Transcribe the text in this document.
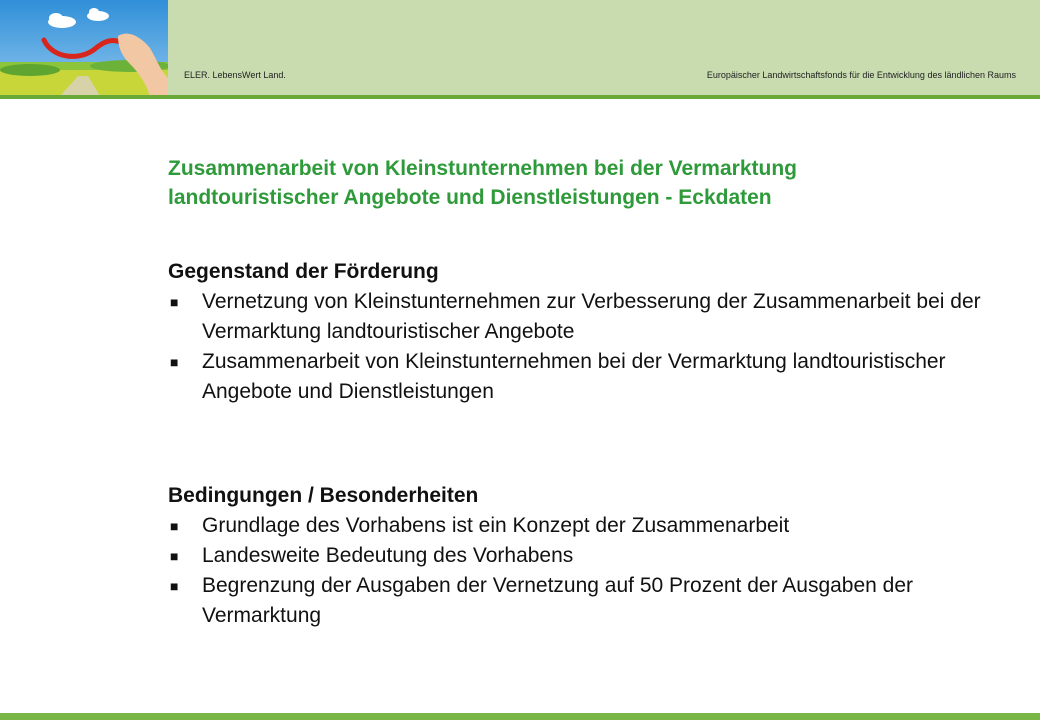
ELER. LebensWert Land.	Europäischer Landwirtschaftsfonds für die Entwicklung des ländlichen Raums
Zusammenarbeit von Kleinstunternehmen bei der Vermarktung
landtouristischer Angebote und Dienstleistungen - Eckdaten
Gegenstand der Förderung
■ Vernetzung von Kleinstunternehmen zur Verbesserung der Zusammenarbeit bei der Vermarktung landtouristischer Angebote
■ Zusammenarbeit von Kleinstunternehmen bei der Vermarktung landtouristischer Angebote und Dienstleistungen
Bedingungen / Besonderheiten
■ Grundlage des Vorhabens ist ein Konzept der Zusammenarbeit
■ Landesweite Bedeutung des Vorhabens
■ Begrenzung der Ausgaben der Vernetzung auf 50 Prozent der Ausgaben der Vermarktung
